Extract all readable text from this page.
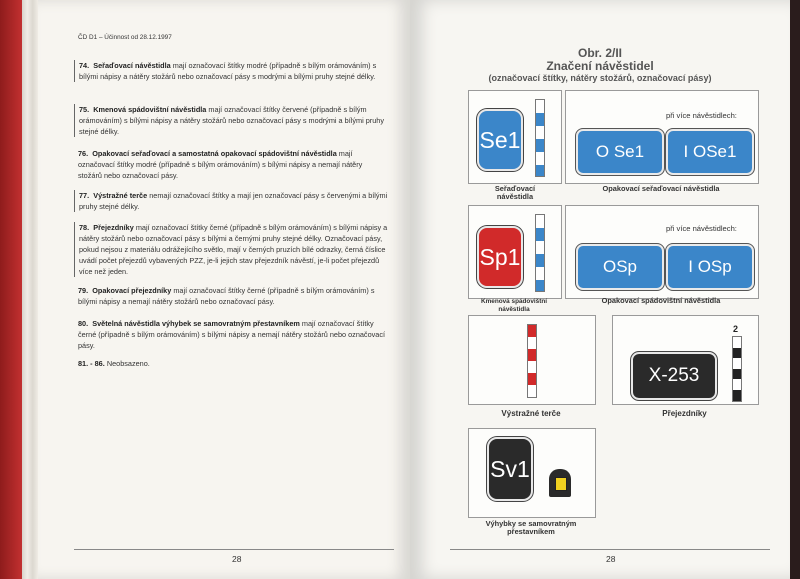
ČD D1 – Účinnost od 28.12.1997
74. Seřaďovací návěstidla mají označovací štítky modré (případně s bílým orámováním) s bílými nápisy a nátěry stožárů nebo označovací pásy s modrými a bílými pruhy stejné délky.
75. Kmenová spádovištní návěstidla mají označovací štítky červené (případně s bílým orámováním) s bílými nápisy a nátěry stožárů nebo označovací pásy s modrými a bílými pruhy stejné délky.
76. Opakovací seřaďovací a samostatná opakovací spádovištní návěstidla mají označovací štítky modré (případně s bílým orámováním) s bílými nápisy a nemají nátěry stožárů nebo označovací pásy.
77. Výstražné terče nemají označovací štítky a mají jen označovací pásy s červenými a bílými pruhy stejné délky.
78. Přejezdníky mají označovací štítky černé (případně s bílým orámováním) s bílými nápisy a nátěry stožárů nebo označovací pásy s bílými a černými pruhy stejné délky. Označovací pásy, pokud nejsou z materiálu odrážejícího světlo, mají v černých pruzích bílé odrazky, černá číslice uvádí počet přejezdů vybavených PZZ, je-li jejich stav přejezdník návěstí, je-li počet přejezdů více než jeden.
79. Opakovací přejezdníky mají označovací štítky černé (případně s bílým orámováním) s bílými nápisy a nemají nátěry stožárů nebo označovací pásy.
80. Světelná návěstidla výhybek se samovratným přestavníkem mají označovací štítky černé (případně s bílým orámováním) s bílými nápisy a nemají nátěry stožárů nebo označovací pásy.
81. - 86. Neobsazeno.
28
Obr. 2/II
Značení návěstidel
(označovací štítky, nátěry stožárů, označovací pásy)
Se1
Seřaďovací
návěstidla
při více návěstidlech:
O Se1	I OSe1
Opakovací seřaďovací návěstidla
Sp1
Kmenová spádovištní
návěstidla
při více návěstidlech:
OSp	I OSp
Opakovací spádovištní návěstidla
Výstražné terče
X-253
2
Přejezdníky
Sv1
Výhybky se samovratným
přestavníkem
28
